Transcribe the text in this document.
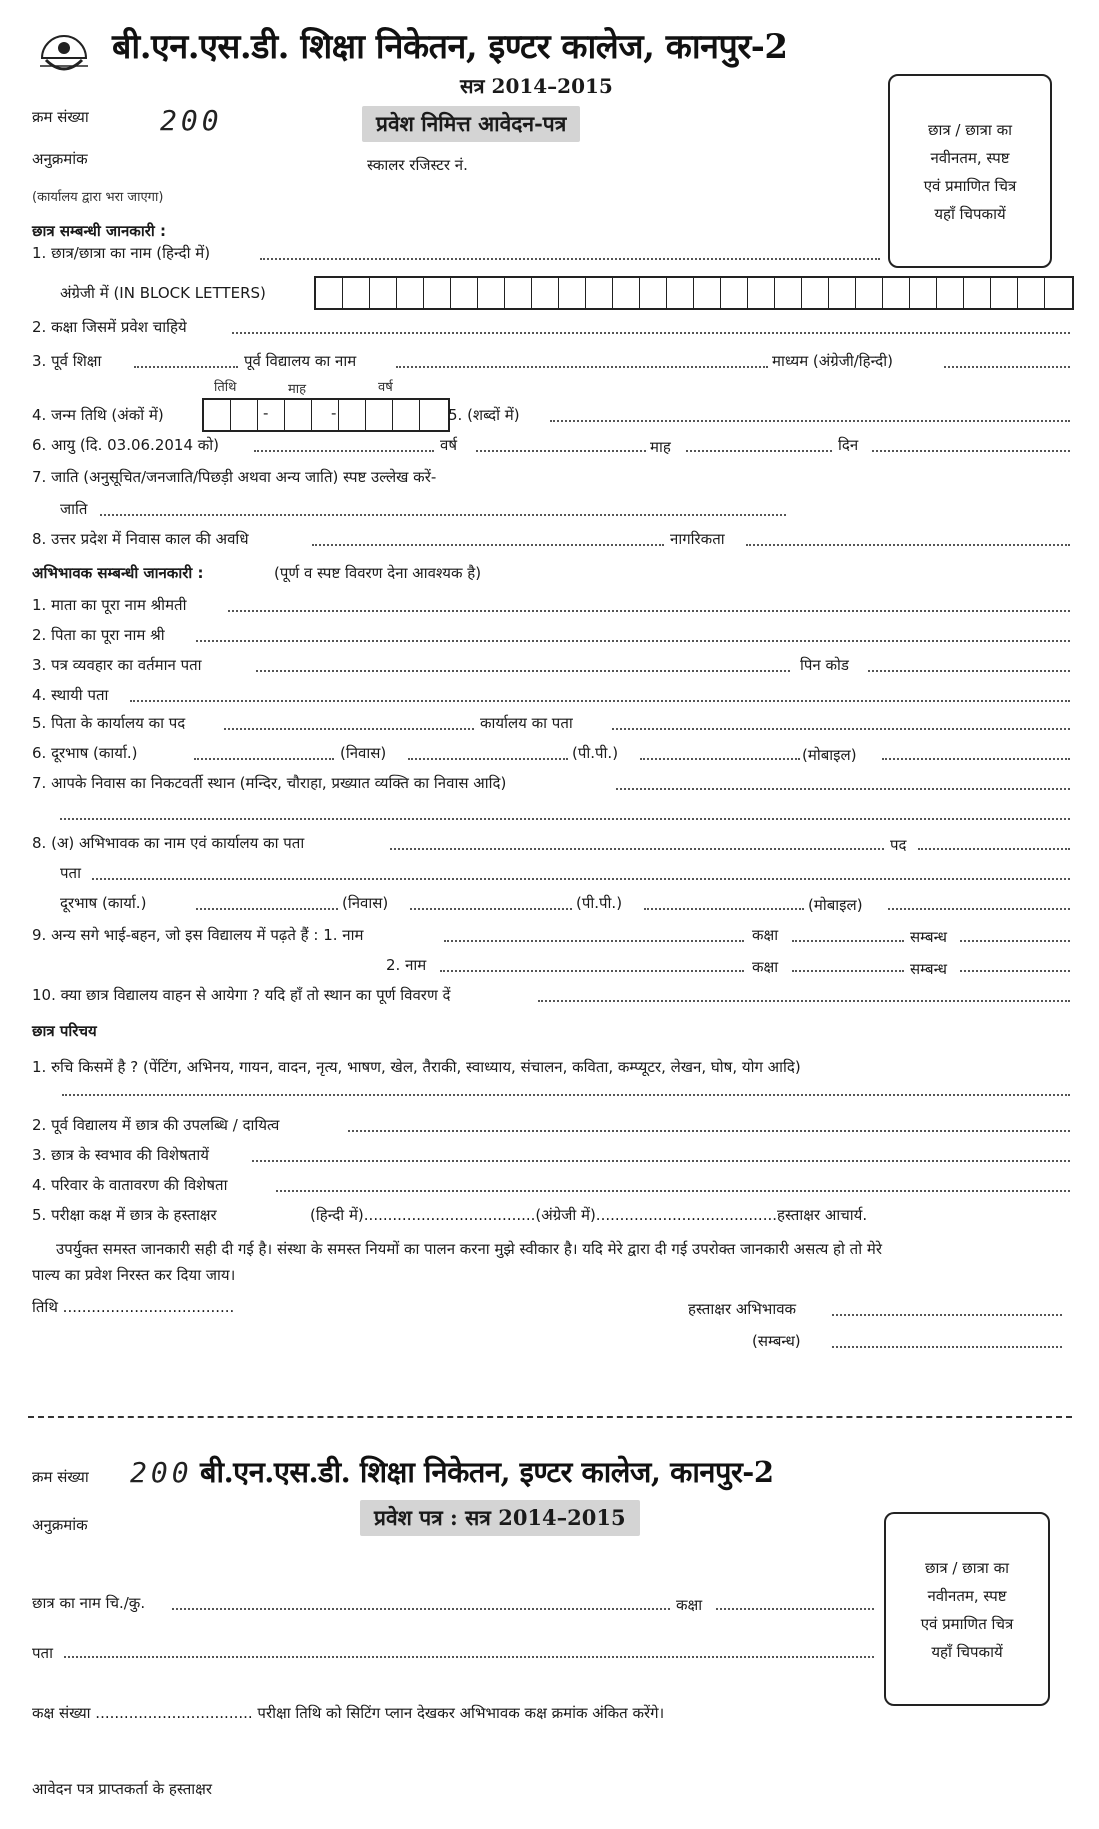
बी.एन.एस.डी. शिक्षा निकेतन, इण्टर कालेज, कानपुर-2
सत्र 2014–2015
क्रम संख्या	200	प्रवेश निमित्त आवेदन-पत्र
अनुक्रमांक	स्कालर रजिस्टर नं.
(कार्यालय द्वारा भरा जाएगा)
छात्र / छात्रा का
नवीनतम, स्पष्ट
एवं प्रमाणित चित्र
यहाँ चिपकायें
छात्र सम्बन्धी जानकारी :
1. छात्र/छात्रा का नाम (हिन्दी में)
अंग्रेजी में (IN BLOCK LETTERS)
2. कक्षा जिसमें प्रवेश चाहिये
3. पूर्व शिक्षा	पूर्व विद्यालय का नाम	माध्यम (अंग्रेजी/हिन्दी)
तिथि	माह	वर्ष
4. जन्म तिथि (अंकों में)	-	-	5. (शब्दों में)
6. आयु (दि. 03.06.2014 को)	वर्ष	माह	दिन
7. जाति (अनुसूचित/जनजाति/पिछड़ी अथवा अन्य जाति) स्पष्ट उल्लेख करें-
जाति
8. उत्तर प्रदेश में निवास काल की अवधि	नागरिकता
अभिभावक सम्बन्धी जानकारी :	(पूर्ण व स्पष्ट विवरण देना आवश्यक है)
1. माता का पूरा नाम श्रीमती
2. पिता का पूरा नाम श्री
3. पत्र व्यवहार का वर्तमान पता	पिन कोड
4. स्थायी पता
5. पिता के कार्यालय का पद	कार्यालय का पता
6. दूरभाष (कार्या.)	(निवास)	(पी.पी.)	(मोबाइल)
7. आपके निवास का निकटवर्ती स्थान (मन्दिर, चौराहा, प्रख्यात व्यक्ति का निवास आदि)
8. (अ) अभिभावक का नाम एवं कार्यालय का पता	पद
पता
दूरभाष (कार्या.)	(निवास)	(पी.पी.)	(मोबाइल)
9. अन्य सगे भाई-बहन, जो इस विद्यालय में पढ़ते हैं : 1. नाम	कक्षा	सम्बन्ध
2. नाम	कक्षा	सम्बन्ध
10. क्या छात्र विद्यालय वाहन से आयेगा ? यदि हाँ तो स्थान का पूर्ण विवरण दें
छात्र परिचय
1. रुचि किसमें है ? (पेंटिंग, अभिनय, गायन, वादन, नृत्य, भाषण, खेल, तैराकी, स्वाध्याय, संचालन, कविता, कम्प्यूटर, लेखन, घोष, योग आदि)
2. पूर्व विद्यालय में छात्र की उपलब्धि / दायित्व
3. छात्र के स्वभाव की विशेषतायें
4. परिवार के वातावरण की विशेषता
5. परीक्षा कक्ष में छात्र के हस्ताक्षर	(हिन्दी में)....................................(अंग्रेजी में)......................................हस्ताक्षर आचार्य.
उपर्युक्त समस्त जानकारी सही दी गई है। संस्था के समस्त नियमों का पालन करना मुझे स्वीकार है। यदि मेरे द्वारा दी गई उपरोक्त जानकारी असत्य हो तो मेरे
पाल्य का प्रवेश निरस्त कर दिया जाय।
तिथि ....................................	हस्ताक्षर अभिभावक
(सम्बन्ध)
क्रम संख्या 200 बी.एन.एस.डी. शिक्षा निकेतन, इण्टर कालेज, कानपुर-2
प्रवेश पत्र : सत्र 2014–2015
अनुक्रमांक
छात्र / छात्रा का
नवीनतम, स्पष्ट
एवं प्रमाणित चित्र
यहाँ चिपकायें
छात्र का नाम चि./कु.	कक्षा
पता
कक्ष संख्या ................................. परीक्षा तिथि को सिटिंग प्लान देखकर अभिभावक कक्ष क्रमांक अंकित करेंगे।
आवेदन पत्र प्राप्तकर्ता के हस्ताक्षर
